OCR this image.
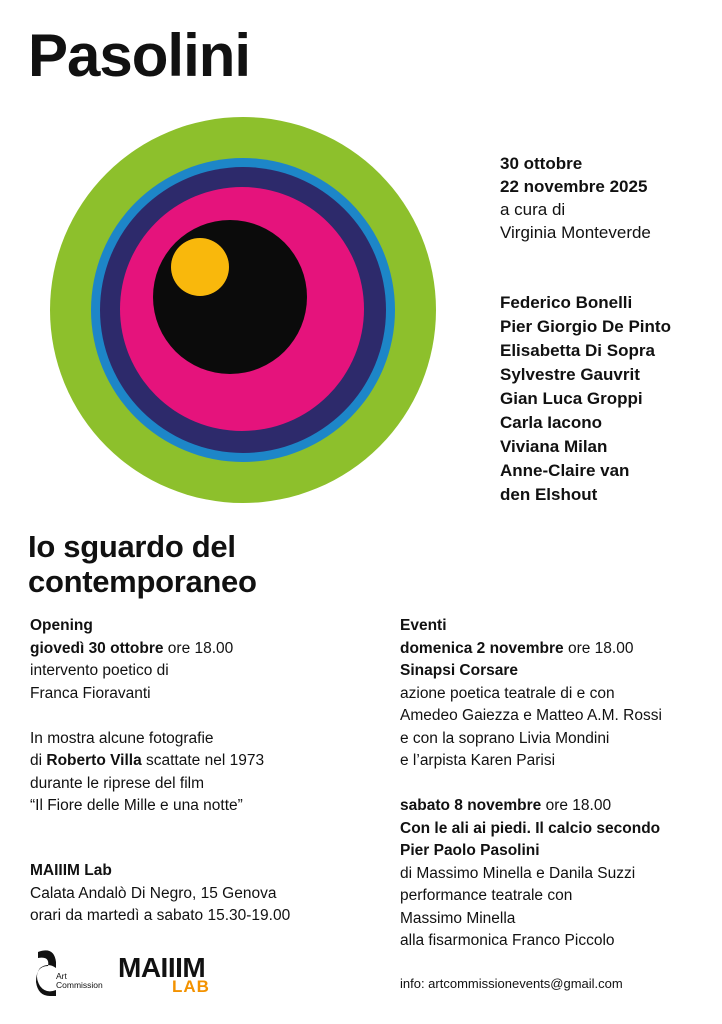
Pasolini
30 ottobre
22 novembre 2025
a cura di
Virginia Monteverde
Federico Bonelli
Pier Giorgio De Pinto
Elisabetta Di Sopra
Sylvestre Gauvrit
Gian Luca Groppi
Carla Iacono
Viviana Milan
Anne-Claire van
den Elshout
Io sguardo del
contemporaneo
Opening
giovedì 30 ottobre ore 18.00
intervento poetico di
Franca Fioravanti
In mostra alcune fotografie
di Roberto Villa scattate nel 1973
durante le riprese del film
“Il Fiore delle Mille e una notte”
MAIIIM Lab
Calata Andalò Di Negro, 15 Genova
orari da martedì a sabato 15.30-19.00
Eventi
domenica 2 novembre ore 18.00
Sinapsi Corsare
azione poetica teatrale di e con
Amedeo Gaiezza e Matteo A.M. Rossi
e con la soprano Livia Mondini
e l’arpista Karen Parisi
sabato 8 novembre ore 18.00
Con le ali ai piedi. Il calcio secondo
Pier Paolo Pasolini
di Massimo Minella e Danila Suzzi
performance teatrale con
Massimo Minella
alla fisarmonica Franco Piccolo
Art
Commission
MAIIIM
LAB	info: artcommissionevents@gmail.com
